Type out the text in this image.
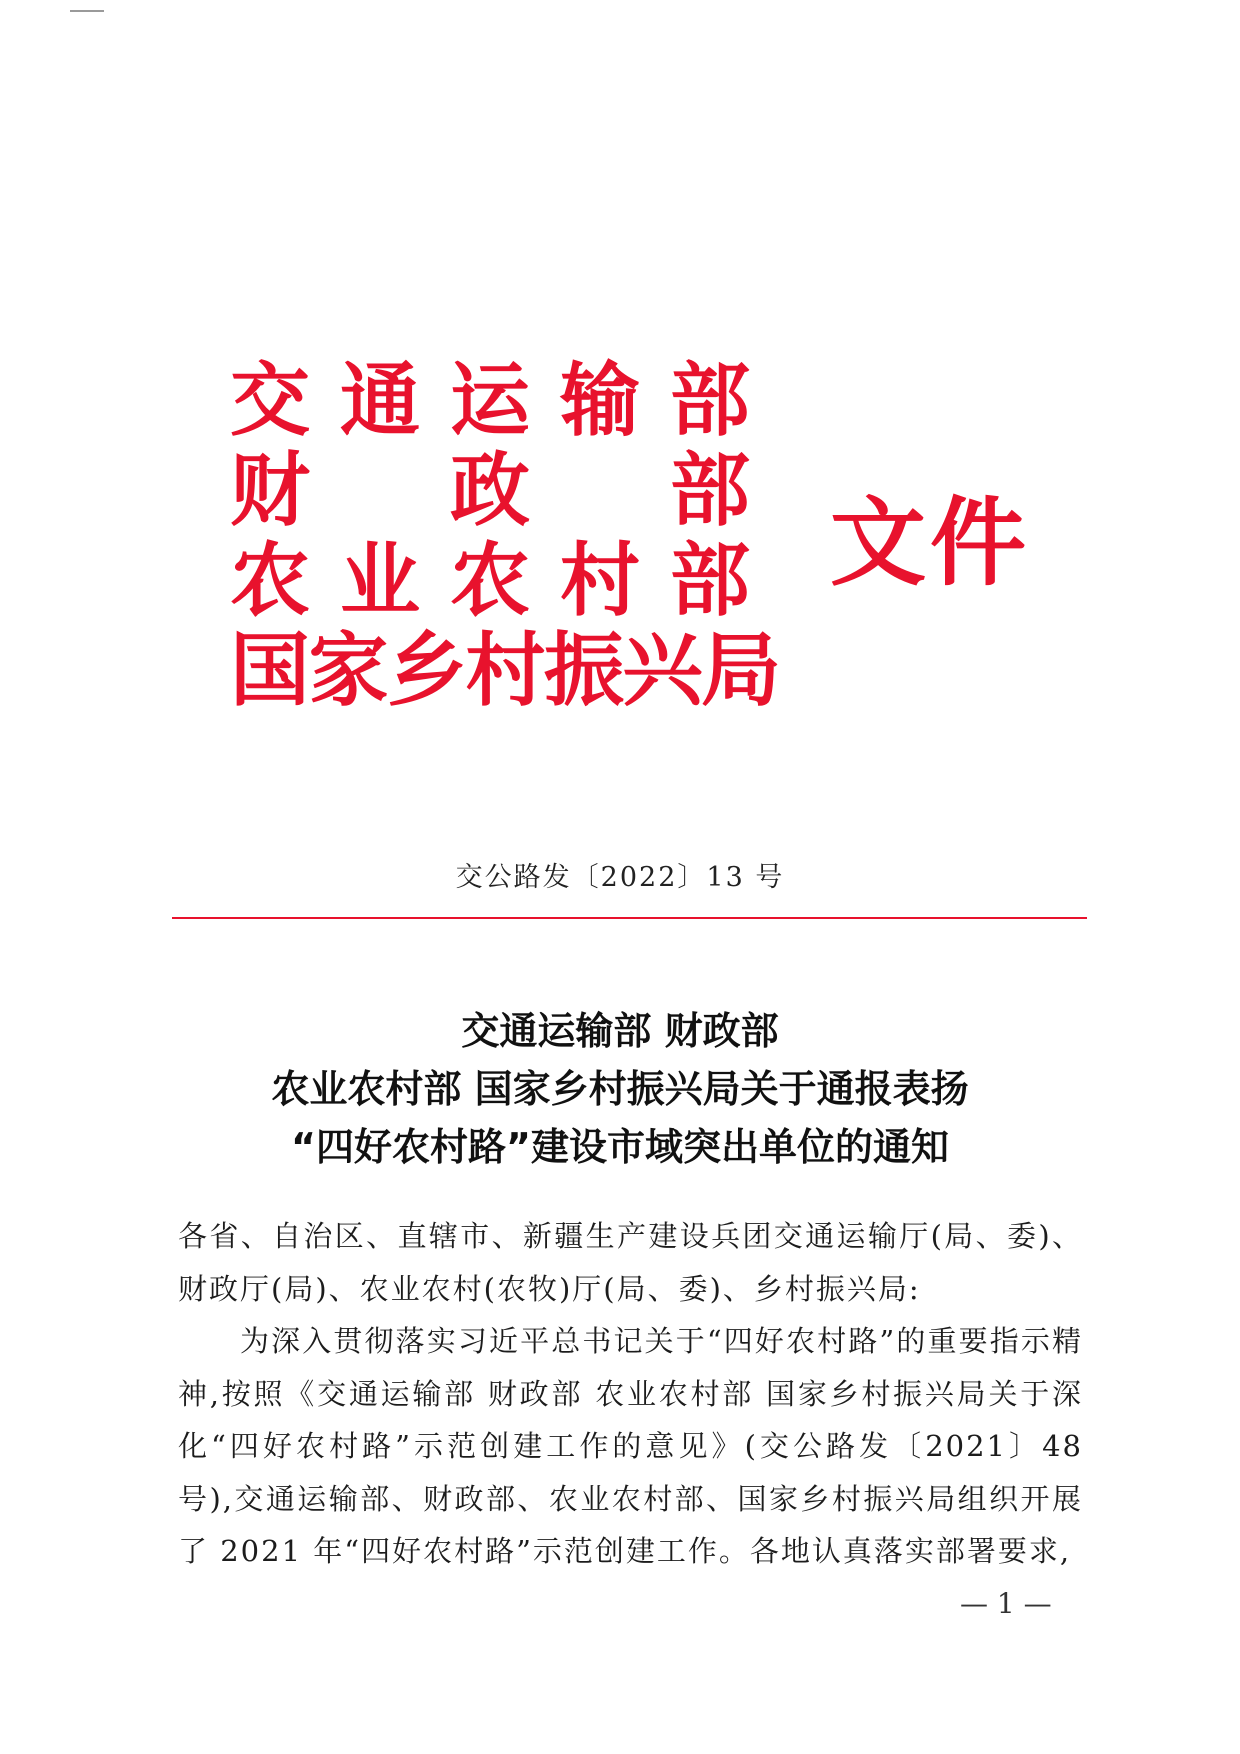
交 通 运 输 部
财 政 部
农 业 农 村 部
国
家
乡
村
振
兴
局
文件
交公路发〔2022〕13 号
交通运输部 财政部
农业农村部 国家乡村振兴局关于通报表扬
“四好农村路”建设市域突出单位的通知

各省、自治区、直辖市、新疆生产建设兵团交通运输厅(局、委)、财政厅(局)、农业农村(农牧)厅(局、委)、乡村振兴局:

为深入贯彻落实习近平总书记关于“四好农村路”的重要指示精神,按照《交通运输部 财政部 农业农村部 国家乡村振兴局关于深化“四好农村路”示范创建工作的意见》(交公路发〔2021〕48号),交通运输部、财政部、农业农村部、国家乡村振兴局组织开展了 2021 年“四好农村路”示范创建工作。各地认真落实部署要求,

— 1 —
